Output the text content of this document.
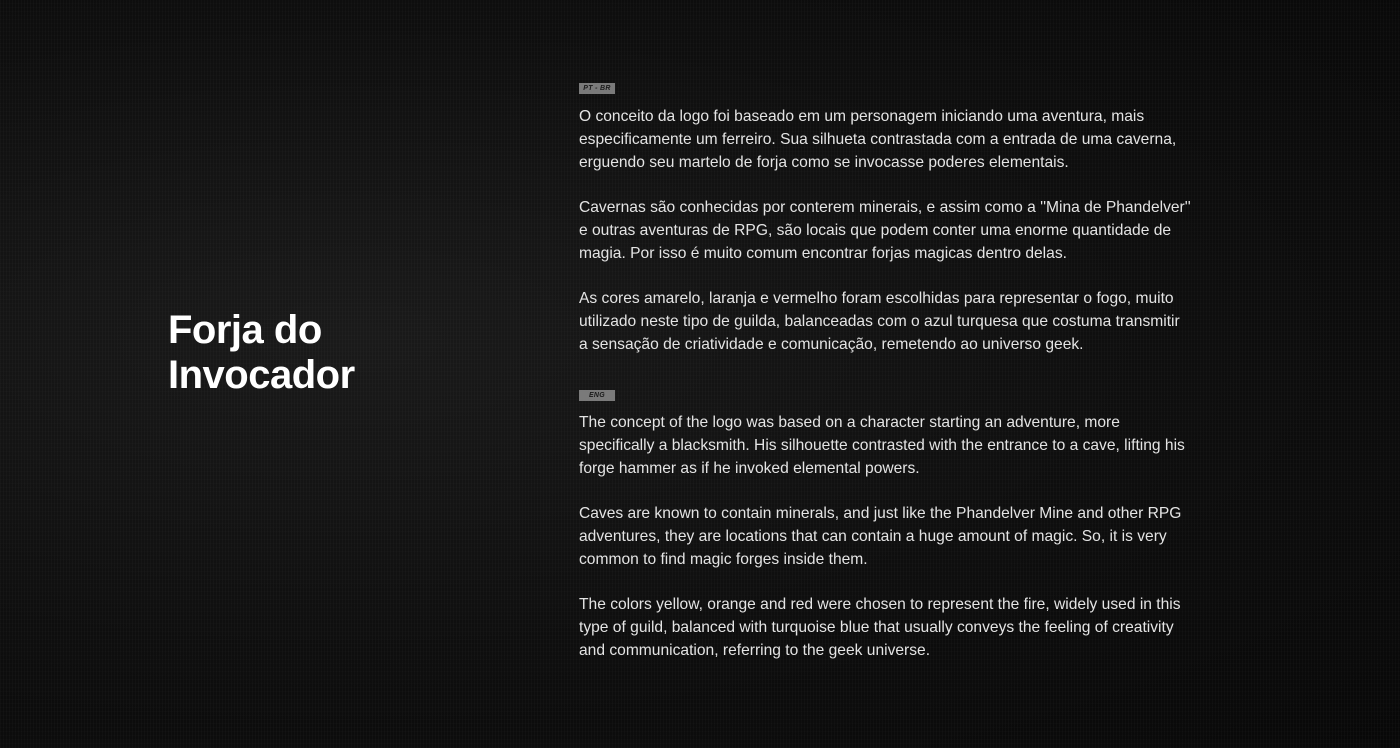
Forja do
Invocador
PT - BR

O conceito da logo foi baseado em um personagem iniciando uma aventura, mais
especificamente um ferreiro. Sua silhueta contrastada com a entrada de uma caverna,
erguendo seu martelo de forja como se invocasse poderes elementais.

Cavernas são conhecidas por conterem minerais, e assim como a ''Mina de Phandelver''
e outras aventuras de RPG, são locais que podem conter uma enorme quantidade de
magia. Por isso é muito comum encontrar forjas magicas dentro delas.

As cores amarelo, laranja e vermelho foram escolhidas para representar o fogo, muito
utilizado neste tipo de guilda, balanceadas com o azul turquesa que costuma transmitir
a sensação de criatividade e comunicação, remetendo ao universo geek.

ENG

The concept of the logo was based on a character starting an adventure, more
specifically a blacksmith. His silhouette contrasted with the entrance to a cave, lifting his
forge hammer as if he invoked elemental powers.

Caves are known to contain minerals, and just like the Phandelver Mine and other RPG
adventures, they are locations that can contain a huge amount of magic. So, it is very
common to find magic forges inside them.

The colors yellow, orange and red were chosen to represent the fire, widely used in this
type of guild, balanced with turquoise blue that usually conveys the feeling of creativity
and communication, referring to the geek universe.
